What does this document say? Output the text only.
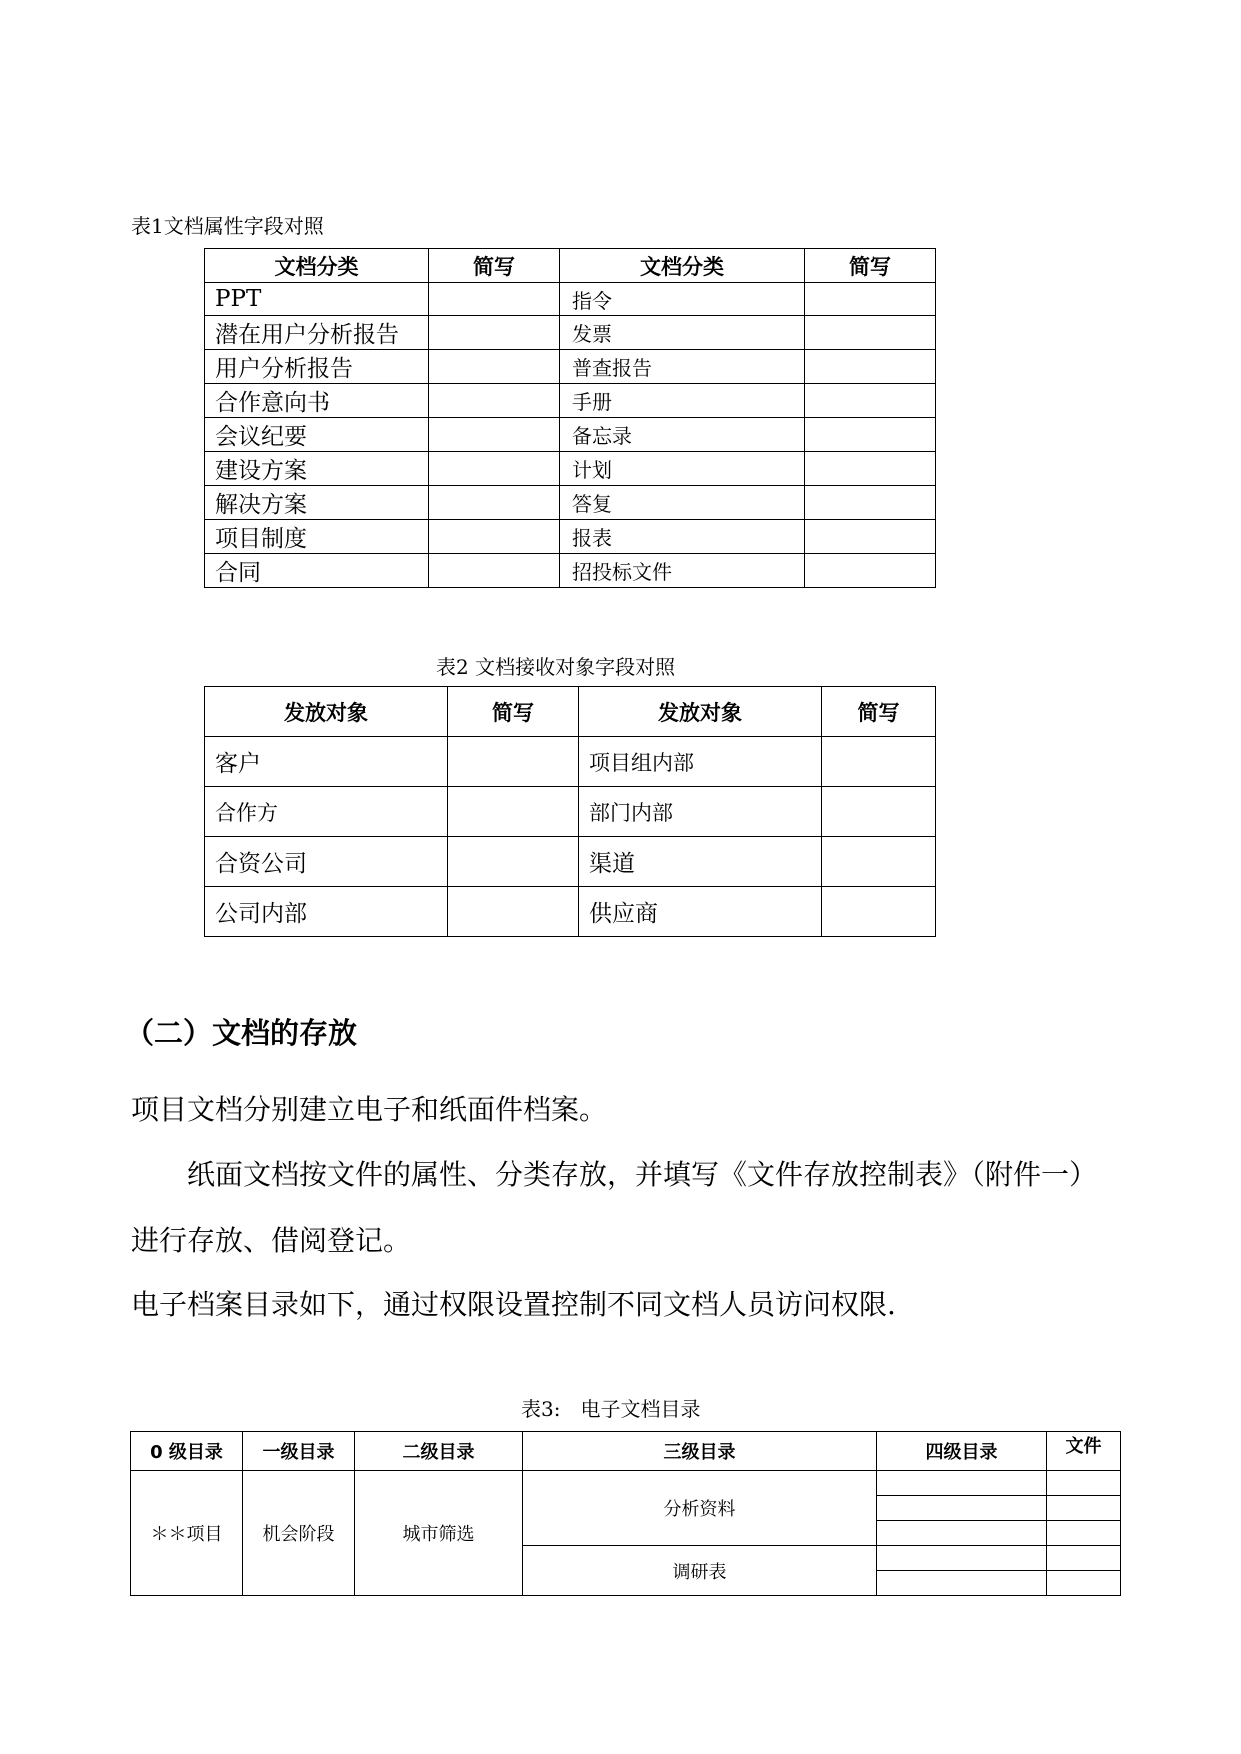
表1文档属性字段对照
文档分类	简写	文档分类	简写
PPT		指令	
潜在用户分析报告		发票	
用户分析报告		普查报告	
合作意向书		手册	
会议纪要		备忘录	
建设方案		计划	
解决方案		答复	
项目制度		报表	
合同		招投标文件	
表2 文档接收对象字段对照
发放对象	简写	发放对象	简写
客户		项目组内部	
合作方		部门内部	
合资公司		渠道	
公司内部		供应商	
（二）文档的存放
项目文档分别建立电子和纸面件档案。
纸面文档按文件的属性、分类存放，并填写《文件存放控制表》（附件一）
进行存放、借阅登记。
电子档案目录如下，通过权限设置控制不同文档人员访问权限.
表3:　电子文档目录
0 级目录	一级目录	二级目录	三级目录	四级目录	文件
＊＊项目	机会阶段	城市筛选	分析资料		

			调研表		
